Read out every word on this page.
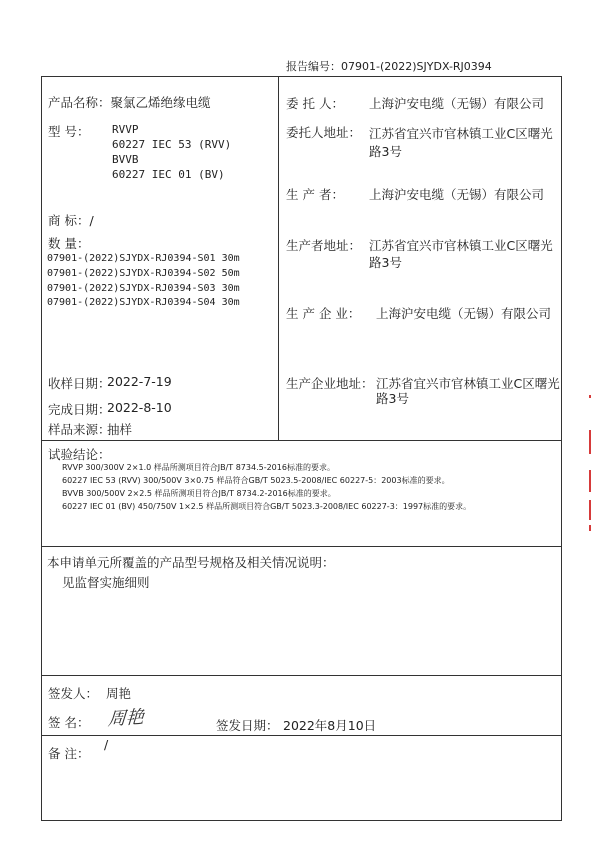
报告编号：07901-(2022)SJYDX-RJ0394
产品名称：聚氯乙烯绝缘电缆
型 号： RVVP
60227 IEC 53 (RVV)
BVVB
60227 IEC 01 (BV)
商 标：/
数 量：
07901-(2022)SJYDX-RJ0394-S01 30m
07901-(2022)SJYDX-RJ0394-S02 50m
07901-(2022)SJYDX-RJ0394-S03 30m
07901-(2022)SJYDX-RJ0394-S04 30m
收样日期：
2022-7-19
完成日期：
2022-8-10
样品来源：
抽样
委 托 人： 上海沪安电缆（无锡）有限公司
委托人地址： 江苏省宜兴市官林镇工业C区曙光
路3号
生 产 者： 上海沪安电缆（无锡）有限公司
生产者地址： 江苏省宜兴市官林镇工业C区曙光
路3号
生 产 企 业： 上海沪安电缆（无锡）有限公司
生产企业地址： 江苏省宜兴市官林镇工业C区曙光
路3号
试验结论：
RVVP 300/300V 2×1.0 样品所测项目符合JB/T 8734.5-2016标准的要求。
60227 IEC 53 (RVV) 300/500V 3×0.75 样品符合GB/T 5023.5-2008/IEC 60227-5：2003标准的要求。
BVVB 300/500V 2×2.5 样品所测项目符合JB/T 8734.2-2016标准的要求。
60227 IEC 01 (BV) 450/750V 1×2.5 样品所测项目符合GB/T 5023.3-2008/IEC 60227-3：1997标准的要求。
本申请单元所覆盖的产品型号规格及相关情况说明：
见监督实施细则
签发人： 周艳
签 名： 周艳	签发日期： 2022年8月10日
备 注：
/
